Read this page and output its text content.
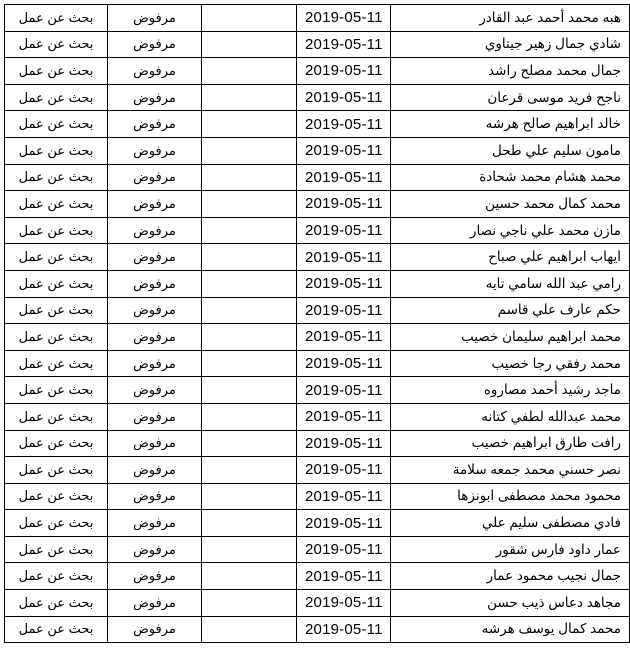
بحث عن عمل	مرفوض		2019-05-11	هبه محمد أحمد عبد القادر
بحث عن عمل	مرفوض		2019-05-11	شادي جمال زهير جيتاوي
بحث عن عمل	مرفوض		2019-05-11	جمال محمد مصلح راشد
بحث عن عمل	مرفوض		2019-05-11	ناجح فريد موسى قرعان
بحث عن عمل	مرفوض		2019-05-11	خالد ابراهيم صالح هرشه
بحث عن عمل	مرفوض		2019-05-11	مامون سليم علي طحل
بحث عن عمل	مرفوض		2019-05-11	محمد هشام محمد شحادة
بحث عن عمل	مرفوض		2019-05-11	محمد كمال محمد حسين
بحث عن عمل	مرفوض		2019-05-11	مازن محمد علي ناجي نصار
بحث عن عمل	مرفوض		2019-05-11	ايهاب ابراهيم علي صباح
بحث عن عمل	مرفوض		2019-05-11	رامي عبد الله سامي تايه
بحث عن عمل	مرفوض		2019-05-11	حكم عارف علي قاسم
بحث عن عمل	مرفوض		2019-05-11	محمد ابراهيم سليمان خصيب
بحث عن عمل	مرفوض		2019-05-11	محمد رفقي رجا خصيب
بحث عن عمل	مرفوض		2019-05-11	ماجد رشيد أحمد مصاروه
بحث عن عمل	مرفوض		2019-05-11	محمد عبدالله لطفي كتانه
بحث عن عمل	مرفوض		2019-05-11	رافت طارق ابراهيم خصيب
بحث عن عمل	مرفوض		2019-05-11	نصر حسني محمد جمعه سلامة
بحث عن عمل	مرفوض		2019-05-11	محمود محمد مصطفى ابونزها
بحث عن عمل	مرفوض		2019-05-11	فادي مصطفى سليم علي
بحث عن عمل	مرفوض		2019-05-11	عمار داود فارس شقور
بحث عن عمل	مرفوض		2019-05-11	جمال نجيب محمود عمار
بحث عن عمل	مرفوض		2019-05-11	مجاهد دعاس ذيب حسن
بحث عن عمل	مرفوض		2019-05-11	محمد كمال يوسف هرشه
